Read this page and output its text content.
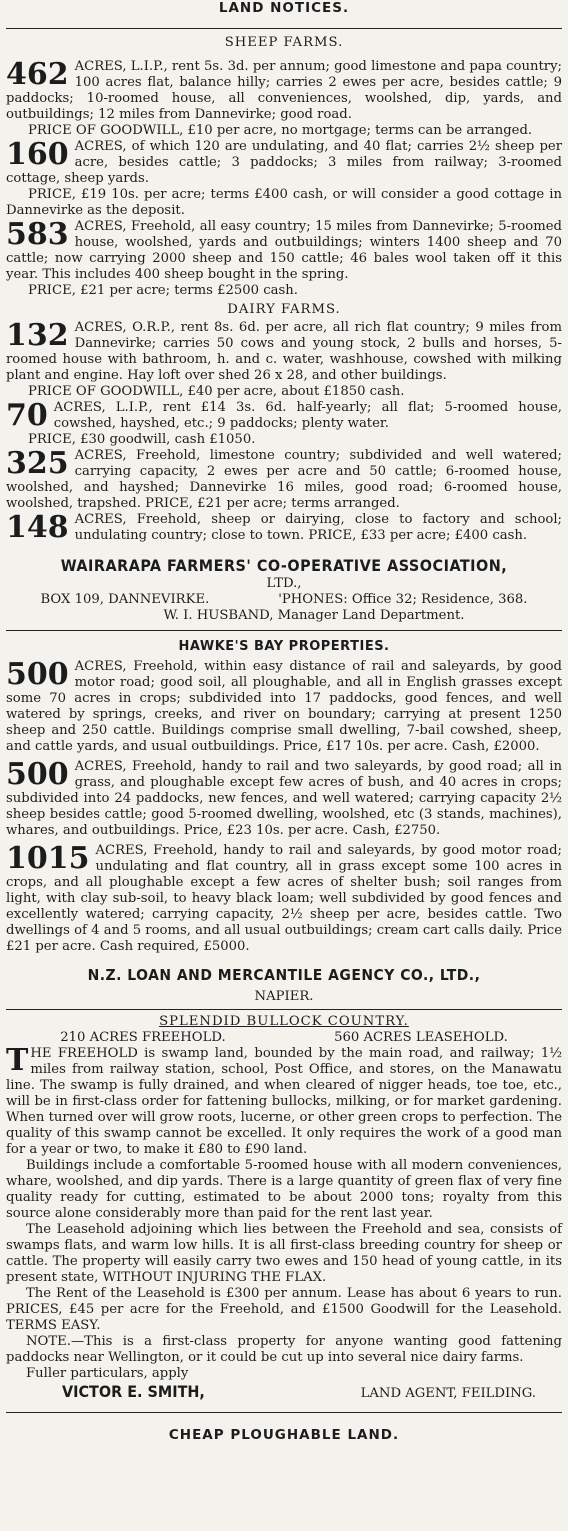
LAND NOTICES.
SHEEP FARMS.

462 ACRES, L.I.P., rent 5s. 3d. per annum; good limestone and papa country; 100 acres flat, balance hilly; carries 2 ewes per acre, besides cattle; 9 paddocks; 10-roomed house, all conveniences, woolshed, dip, yards, and outbuildings; 12 miles from Dannevirke; good road.

PRICE OF GOODWILL, £10 per acre, no mortgage; terms can be arranged.

160 ACRES, of which 120 are undulating, and 40 flat; carries 2½ sheep per acre, besides cattle; 3 paddocks; 3 miles from railway; 3-roomed cottage, sheep yards.

PRICE, £19 10s. per acre; terms £400 cash, or will consider a good cottage in Dannevirke as the deposit.

583 ACRES, Freehold, all easy country; 15 miles from Dannevirke; 5-roomed house, woolshed, yards and outbuildings; winters 1400 sheep and 70 cattle; now carrying 2000 sheep and 150 cattle; 46 bales wool taken off it this year. This includes 400 sheep bought in the spring.

PRICE, £21 per acre; terms £2500 cash.

DAIRY FARMS.

132 ACRES, O.R.P., rent 8s. 6d. per acre, all rich flat country; 9 miles from Dannevirke; carries 50 cows and young stock, 2 bulls and horses, 5-roomed house with bathroom, h. and c. water, washhouse, cowshed with milking plant and engine. Hay loft over shed 26 x 28, and other buildings.

PRICE OF GOODWILL, £40 per acre, about £1850 cash.

70 ACRES, L.I.P., rent £14 3s. 6d. half-yearly; all flat; 5-roomed house, cowshed, hayshed, etc.; 9 paddocks; plenty water.

PRICE, £30 goodwill, cash £1050.

325 ACRES, Freehold, limestone country; subdivided and well watered; carrying capacity, 2 ewes per acre and 50 cattle; 6-roomed house, woolshed, and hayshed; Dannevirke 16 miles, good road; 6-roomed house, woolshed, trapshed. PRICE, £21 per acre; terms arranged.

148 ACRES, Freehold, sheep or dairying, close to factory and school; undulating country; close to town. PRICE, £33 per acre; £400 cash.

WAIRARAPA FARMERS' CO-OPERATIVE ASSOCIATION,
LTD.,
BOX 109, DANNEVIRKE.	'PHONES: Office 32; Residence, 368.
W. I. HUSBAND, Manager Land Department.
HAWKE'S BAY PROPERTIES.

500 ACRES, Freehold, within easy distance of rail and saleyards, by good motor road; good soil, all ploughable, and all in English grasses except some 70 acres in crops; subdivided into 17 paddocks, good fences, and well watered by springs, creeks, and river on boundary; carrying at present 1250 sheep and 250 cattle. Buildings comprise small dwelling, 7-bail cowshed, sheep, and cattle yards, and usual outbuildings. Price, £17 10s. per acre. Cash, £2000.

500 ACRES, Freehold, handy to rail and two saleyards, by good road; all in grass, and ploughable except few acres of bush, and 40 acres in crops; subdivided into 24 paddocks, new fences, and well watered; carrying capacity 2½ sheep besides cattle; good 5-roomed dwelling, woolshed, etc (3 stands, machines), whares, and outbuildings. Price, £23 10s. per acre. Cash, £2750.

1015 ACRES, Freehold, handy to rail and saleyards, by good motor road; undulating and flat country, all in grass except some 100 acres in crops, and all ploughable except a few acres of shelter bush; soil ranges from light, with clay sub-soil, to heavy black loam; well subdivided by good fences and excellently watered; carrying capacity, 2½ sheep per acre, besides cattle. Two dwellings of 4 and 5 rooms, and all usual outbuildings; cream cart calls daily. Price £21 per acre. Cash required, £5000.

N.Z. LOAN AND MERCANTILE AGENCY CO., LTD.,
NAPIER.
SPLENDID BULLOCK COUNTRY.
210 ACRES FREEHOLD.	560 ACRES LEASEHOLD.

THE FREEHOLD is swamp land, bounded by the main road, and railway; 1½ miles from railway station, school, Post Office, and stores, on the Manawatu line. The swamp is fully drained, and when cleared of nigger heads, toe toe, etc., will be in first-class order for fattening bullocks, milking, or for market gardening. When turned over will grow roots, lucerne, or other green crops to perfection. The quality of this swamp cannot be excelled. It only requires the work of a good man for a year or two, to make it £80 to £90 land.

Buildings include a comfortable 5-roomed house with all modern conveniences, whare, woolshed, and dip yards. There is a large quantity of green flax of very fine quality ready for cutting, estimated to be about 2000 tons; royalty from this source alone considerably more than paid for the rent last year.

The Leasehold adjoining which lies between the Freehold and sea, consists of swamps flats, and warm low hills. It is all first-class breeding country for sheep or cattle. The property will easily carry two ewes and 150 head of young cattle, in its present state, WITHOUT INJURING THE FLAX.

The Rent of the Leasehold is £300 per annum. Lease has about 6 years to run. PRICES, £45 per acre for the Freehold, and £1500 Goodwill for the Leasehold. TERMS EASY.

NOTE.—This is a first-class property for anyone wanting good fattening paddocks near Wellington, or it could be cut up into several nice dairy farms.

Fuller particulars, apply

VICTOR E. SMITH,	LAND AGENT, FEILDING.
CHEAP PLOUGHABLE LAND.
